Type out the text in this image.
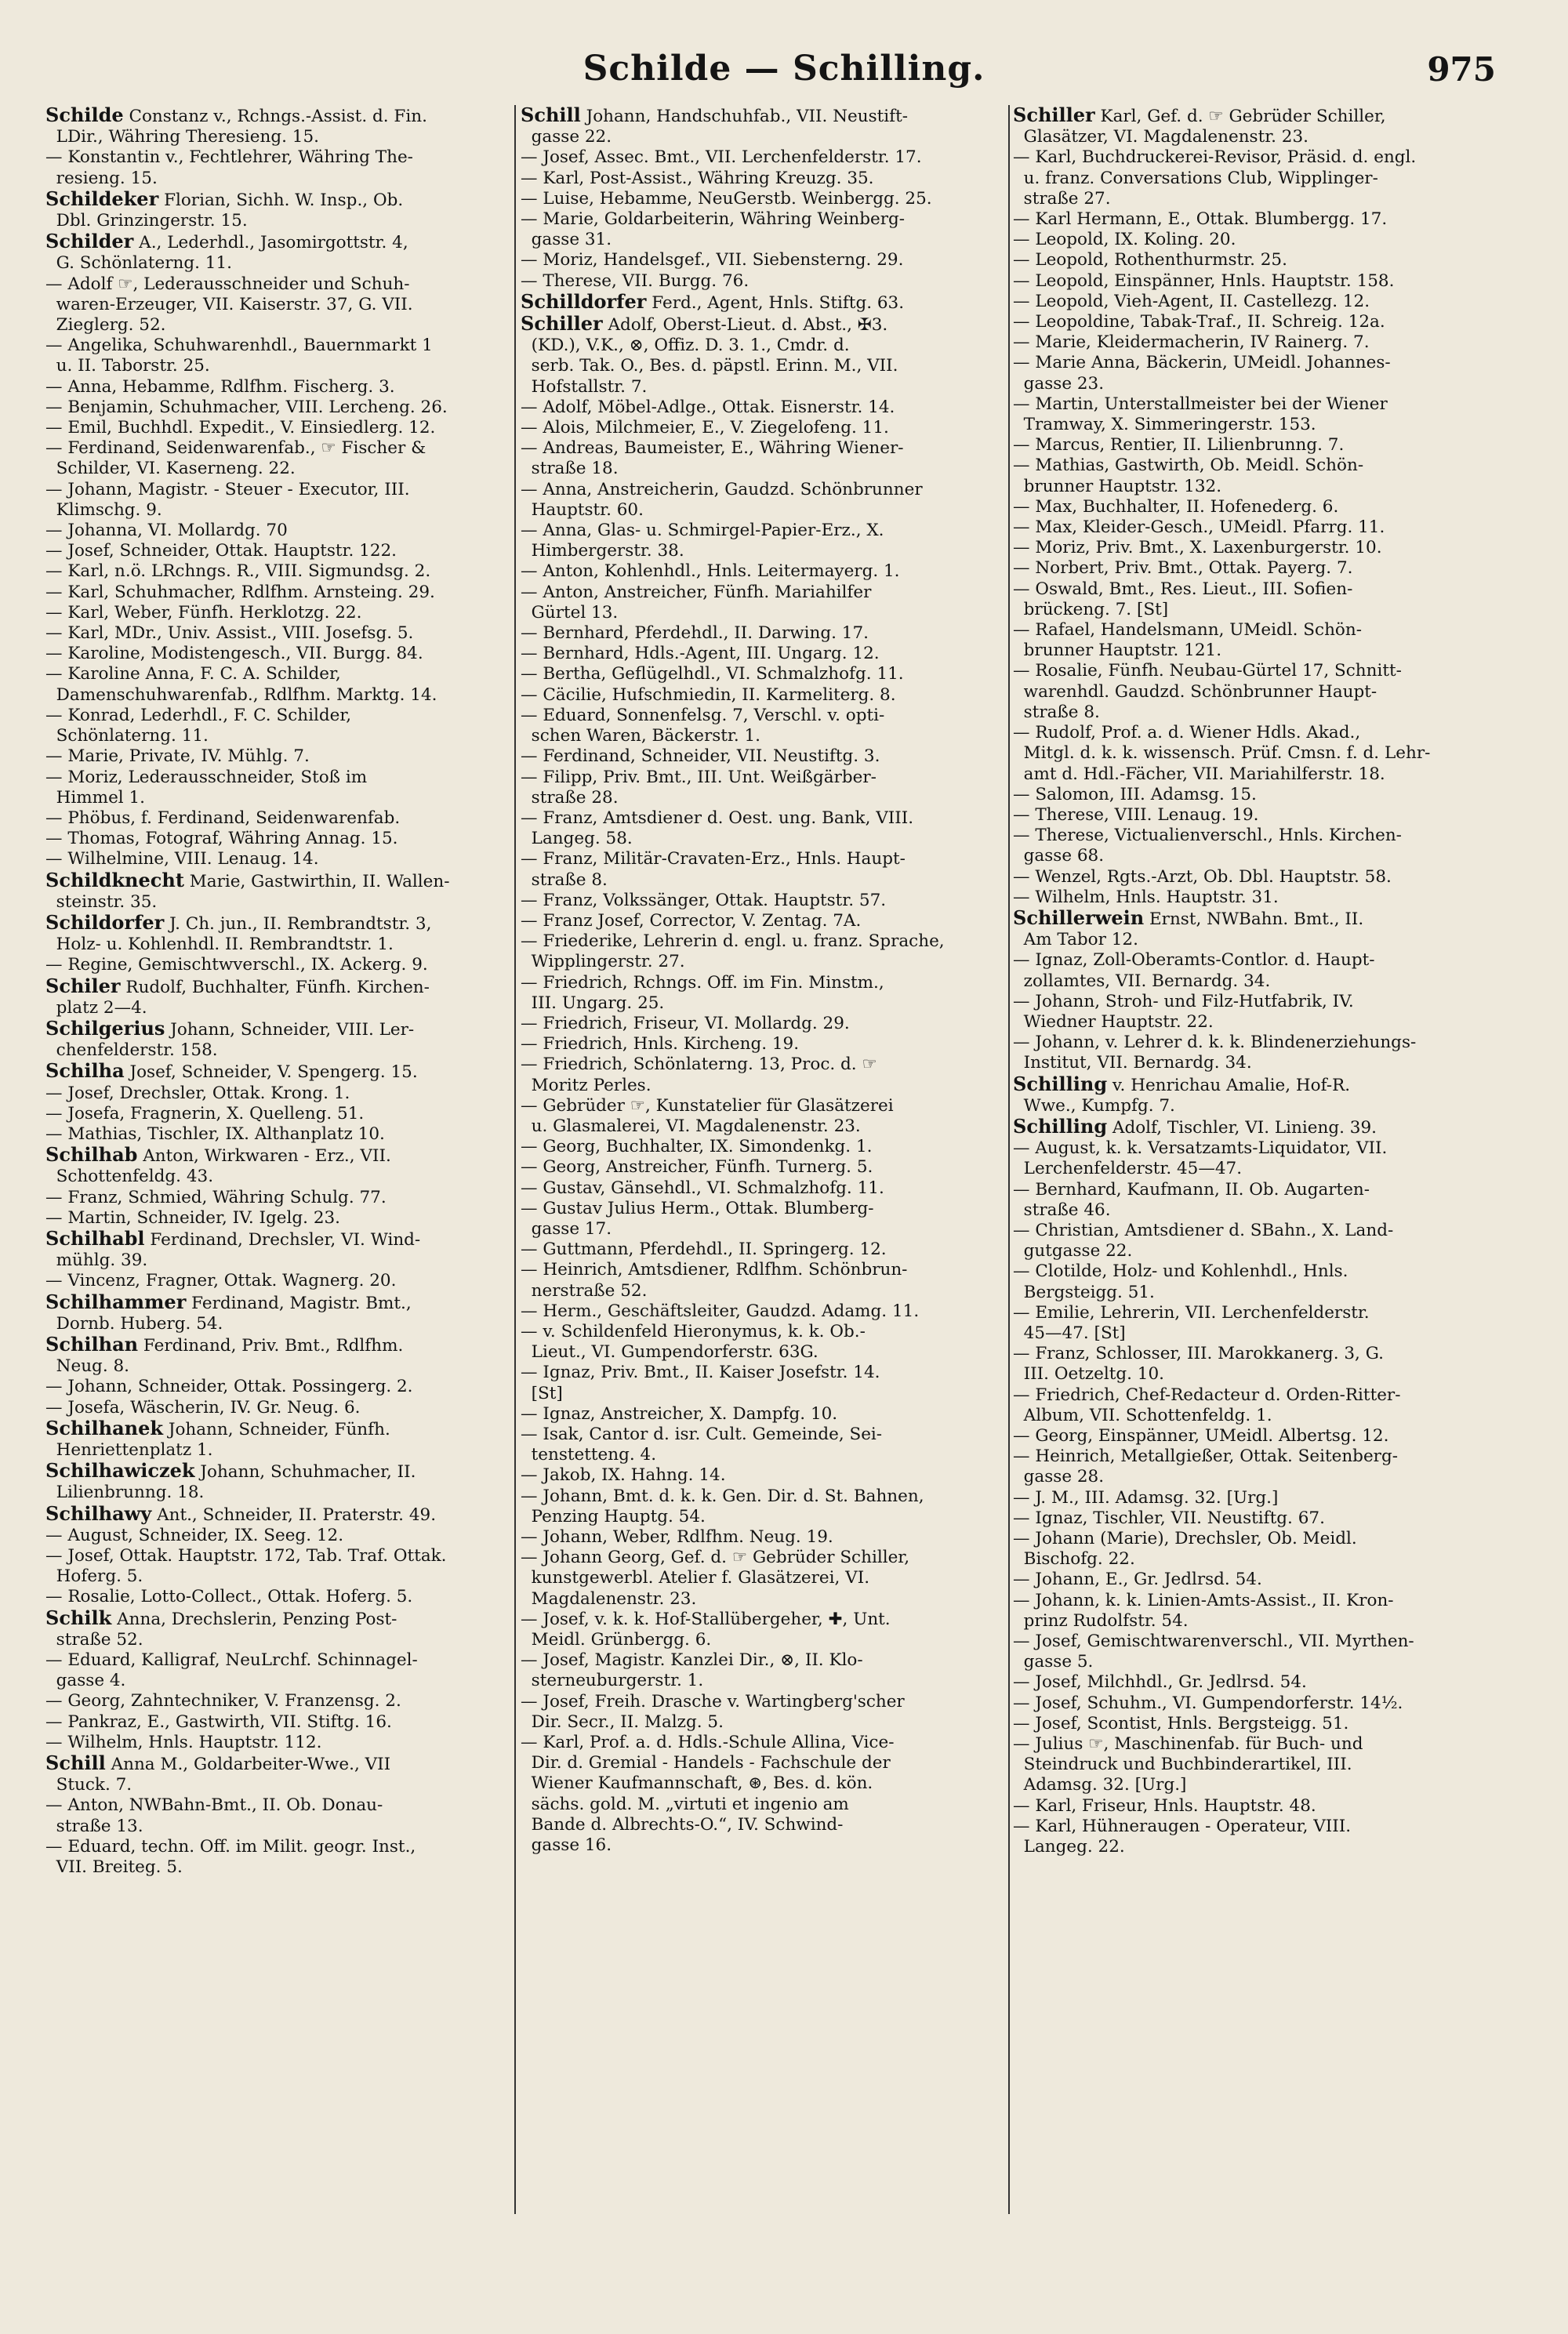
Schilde — Schilling.	975
Schilde Constanz v., Rchngs.-Assist. d. Fin.
LDir., Währing Theresieng. 15.
— Konstantin v., Fechtlehrer, Währing The-
resieng. 15.
Schildeker Florian, Sichh. W. Insp., Ob.
Dbl. Grinzingerstr. 15.
Schilder A., Lederhdl., Jasomirgottstr. 4,
G. Schönlaterng. 11.
— Adolf ☞, Lederausschneider und Schuh-
waren-Erzeuger, VII. Kaiserstr. 37, G. VII.
Zieglerg. 52.
— Angelika, Schuhwarenhdl., Bauernmarkt 1
u. II. Taborstr. 25.
— Anna, Hebamme, Rdlfhm. Fischerg. 3.
— Benjamin, Schuhmacher, VIII. Lercheng. 26.
— Emil, Buchhdl. Expedit., V. Einsiedlerg. 12.
— Ferdinand, Seidenwarenfab., ☞ Fischer &
Schilder, VI. Kaserneng. 22.
— Johann, Magistr. - Steuer - Executor, III.
Klimschg. 9.
— Johanna, VI. Mollardg. 70
— Josef, Schneider, Ottak. Hauptstr. 122.
— Karl, n.ö. LRchngs. R., VIII. Sigmundsg. 2.
— Karl, Schuhmacher, Rdlfhm. Arnsteing. 29.
— Karl, Weber, Fünfh. Herklotzg. 22.
— Karl, MDr., Univ. Assist., VIII. Josefsg. 5.
— Karoline, Modistengesch., VII. Burgg. 84.
— Karoline Anna, F. C. A. Schilder,
Damenschuhwarenfab., Rdlfhm. Marktg. 14.
— Konrad, Lederhdl., F. C. Schilder,
Schönlaterng. 11.
— Marie, Private, IV. Mühlg. 7.
— Moriz, Lederausschneider, Stoß im
Himmel 1.
— Phöbus, f. Ferdinand, Seidenwarenfab.
— Thomas, Fotograf, Währing Annag. 15.
— Wilhelmine, VIII. Lenaug. 14.
Schildknecht Marie, Gastwirthin, II. Wallen-
steinstr. 35.
Schildorfer J. Ch. jun., II. Rembrandtstr. 3,
Holz- u. Kohlenhdl. II. Rembrandtstr. 1.
— Regine, Gemischtwverschl., IX. Ackerg. 9.
Schiler Rudolf, Buchhalter, Fünfh. Kirchen-
platz 2—4.
Schilgerius Johann, Schneider, VIII. Ler-
chenfelderstr. 158.
Schilha Josef, Schneider, V. Spengerg. 15.
— Josef, Drechsler, Ottak. Krong. 1.
— Josefa, Fragnerin, X. Quelleng. 51.
— Mathias, Tischler, IX. Althanplatz 10.
Schilhab Anton, Wirkwaren - Erz., VII.
Schottenfeldg. 43.
— Franz, Schmied, Währing Schulg. 77.
— Martin, Schneider, IV. Igelg. 23.
Schilhabl Ferdinand, Drechsler, VI. Wind-
mühlg. 39.
— Vincenz, Fragner, Ottak. Wagnerg. 20.
Schilhammer Ferdinand, Magistr. Bmt.,
Dornb. Huberg. 54.
Schilhan Ferdinand, Priv. Bmt., Rdlfhm.
Neug. 8.
— Johann, Schneider, Ottak. Possingerg. 2.
— Josefa, Wäscherin, IV. Gr. Neug. 6.
Schilhanek Johann, Schneider, Fünfh.
Henriettenplatz 1.
Schilhawiczek Johann, Schuhmacher, II.
Lilienbrunng. 18.
Schilhawy Ant., Schneider, II. Praterstr. 49.
— August, Schneider, IX. Seeg. 12.
— Josef, Ottak. Hauptstr. 172, Tab. Traf. Ottak.
Hoferg. 5.
— Rosalie, Lotto-Collect., Ottak. Hoferg. 5.
Schilk Anna, Drechslerin, Penzing Post-
straße 52.
— Eduard, Kalligraf, NeuLrchf. Schinnagel-
gasse 4.
— Georg, Zahntechniker, V. Franzensg. 2.
— Pankraz, E., Gastwirth, VII. Stiftg. 16.
— Wilhelm, Hnls. Hauptstr. 112.
Schill Anna M., Goldarbeiter-Wwe., VII
Stuck. 7.
— Anton, NWBahn-Bmt., II. Ob. Donau-
straße 13.
— Eduard, techn. Off. im Milit. geogr. Inst.,
VII. Breiteg. 5.
Schill Johann, Handschuhfab., VII. Neustift-
gasse 22.
— Josef, Assec. Bmt., VII. Lerchenfelderstr. 17.
— Karl, Post-Assist., Währing Kreuzg. 35.
— Luise, Hebamme, NeuGerstb. Weinbergg. 25.
— Marie, Goldarbeiterin, Währing Weinberg-
gasse 31.
— Moriz, Handelsgef., VII. Siebensterng. 29.
— Therese, VII. Burgg. 76.
Schilldorfer Ferd., Agent, Hnls. Stiftg. 63.
Schiller Adolf, Oberst-Lieut. d. Abst., ✠3.
(KD.), V.K., ⊗, Offiz. D. 3. 1., Cmdr. d.
serb. Tak. O., Bes. d. päpstl. Erinn. M., VII.
Hofstallstr. 7.
— Adolf, Möbel-Adlge., Ottak. Eisnerstr. 14.
— Alois, Milchmeier, E., V. Ziegelofeng. 11.
— Andreas, Baumeister, E., Währing Wiener-
straße 18.
— Anna, Anstreicherin, Gaudzd. Schönbrunner
Hauptstr. 60.
— Anna, Glas- u. Schmirgel-Papier-Erz., X.
Himbergerstr. 38.
— Anton, Kohlenhdl., Hnls. Leitermayerg. 1.
— Anton, Anstreicher, Fünfh. Mariahilfer
Gürtel 13.
— Bernhard, Pferdehdl., II. Darwing. 17.
— Bernhard, Hdls.-Agent, III. Ungarg. 12.
— Bertha, Geflügelhdl., VI. Schmalzhofg. 11.
— Cäcilie, Hufschmiedin, II. Karmeliterg. 8.
— Eduard, Sonnenfelsg. 7, Verschl. v. opti-
schen Waren, Bäckerstr. 1.
— Ferdinand, Schneider, VII. Neustiftg. 3.
— Filipp, Priv. Bmt., III. Unt. Weißgärber-
straße 28.
— Franz, Amtsdiener d. Oest. ung. Bank, VIII.
Langeg. 58.
— Franz, Militär-Cravaten-Erz., Hnls. Haupt-
straße 8.
— Franz, Volkssänger, Ottak. Hauptstr. 57.
— Franz Josef, Corrector, V. Zentag. 7A.
— Friederike, Lehrerin d. engl. u. franz. Sprache,
Wipplingerstr. 27.
— Friedrich, Rchngs. Off. im Fin. Minstm.,
III. Ungarg. 25.
— Friedrich, Friseur, VI. Mollardg. 29.
— Friedrich, Hnls. Kircheng. 19.
— Friedrich, Schönlaterng. 13, Proc. d. ☞
Moritz Perles.
— Gebrüder ☞, Kunstatelier für Glasätzerei
u. Glasmalerei, VI. Magdalenenstr. 23.
— Georg, Buchhalter, IX. Simondenkg. 1.
— Georg, Anstreicher, Fünfh. Turnerg. 5.
— Gustav, Gänsehdl., VI. Schmalzhofg. 11.
— Gustav Julius Herm., Ottak. Blumberg-
gasse 17.
— Guttmann, Pferdehdl., II. Springerg. 12.
— Heinrich, Amtsdiener, Rdlfhm. Schönbrun-
nerstraße 52.
— Herm., Geschäftsleiter, Gaudzd. Adamg. 11.
— v. Schildenfeld Hieronymus, k. k. Ob.-
Lieut., VI. Gumpendorferstr. 63G.
— Ignaz, Priv. Bmt., II. Kaiser Josefstr. 14.
[St]
— Ignaz, Anstreicher, X. Dampfg. 10.
— Isak, Cantor d. isr. Cult. Gemeinde, Sei-
tenstetteng. 4.
— Jakob, IX. Hahng. 14.
— Johann, Bmt. d. k. k. Gen. Dir. d. St. Bahnen,
Penzing Hauptg. 54.
— Johann, Weber, Rdlfhm. Neug. 19.
— Johann Georg, Gef. d. ☞ Gebrüder Schiller,
kunstgewerbl. Atelier f. Glasätzerei, VI.
Magdalenenstr. 23.
— Josef, v. k. k. Hof-Stallübergeher, ✚, Unt.
Meidl. Grünbergg. 6.
— Josef, Magistr. Kanzlei Dir., ⊗, II. Klo-
sterneuburgerstr. 1.
— Josef, Freih. Drasche v. Wartingberg'scher
Dir. Secr., II. Malzg. 5.
— Karl, Prof. a. d. Hdls.-Schule Allina, Vice-
Dir. d. Gremial - Handels - Fachschule der
Wiener Kaufmannschaft, ⊛, Bes. d. kön.
sächs. gold. M. „virtuti et ingenio am
Bande d. Albrechts-O.“, IV. Schwind-
gasse 16.
Schiller Karl, Gef. d. ☞ Gebrüder Schiller,
Glasätzer, VI. Magdalenenstr. 23.
— Karl, Buchdruckerei-Revisor, Präsid. d. engl.
u. franz. Conversations Club, Wipplinger-
straße 27.
— Karl Hermann, E., Ottak. Blumbergg. 17.
— Leopold, IX. Koling. 20.
— Leopold, Rothenthurmstr. 25.
— Leopold, Einspänner, Hnls. Hauptstr. 158.
— Leopold, Vieh-Agent, II. Castellezg. 12.
— Leopoldine, Tabak-Traf., II. Schreig. 12a.
— Marie, Kleidermacherin, IV Rainerg. 7.
— Marie Anna, Bäckerin, UMeidl. Johannes-
gasse 23.
— Martin, Unterstallmeister bei der Wiener
Tramway, X. Simmeringerstr. 153.
— Marcus, Rentier, II. Lilienbrunng. 7.
— Mathias, Gastwirth, Ob. Meidl. Schön-
brunner Hauptstr. 132.
— Max, Buchhalter, II. Hofenederg. 6.
— Max, Kleider-Gesch., UMeidl. Pfarrg. 11.
— Moriz, Priv. Bmt., X. Laxenburgerstr. 10.
— Norbert, Priv. Bmt., Ottak. Payerg. 7.
— Oswald, Bmt., Res. Lieut., III. Sofien-
brückeng. 7. [St]
— Rafael, Handelsmann, UMeidl. Schön-
brunner Hauptstr. 121.
— Rosalie, Fünfh. Neubau-Gürtel 17, Schnitt-
warenhdl. Gaudzd. Schönbrunner Haupt-
straße 8.
— Rudolf, Prof. a. d. Wiener Hdls. Akad.,
Mitgl. d. k. k. wissensch. Prüf. Cmsn. f. d. Lehr-
amt d. Hdl.-Fächer, VII. Mariahilferstr. 18.
— Salomon, III. Adamsg. 15.
— Therese, VIII. Lenaug. 19.
— Therese, Victualienverschl., Hnls. Kirchen-
gasse 68.
— Wenzel, Rgts.-Arzt, Ob. Dbl. Hauptstr. 58.
— Wilhelm, Hnls. Hauptstr. 31.
Schillerwein Ernst, NWBahn. Bmt., II.
Am Tabor 12.
— Ignaz, Zoll-Oberamts-Contlor. d. Haupt-
zollamtes, VII. Bernardg. 34.
— Johann, Stroh- und Filz-Hutfabrik, IV.
Wiedner Hauptstr. 22.
— Johann, v. Lehrer d. k. k. Blindenerziehungs-
Institut, VII. Bernardg. 34.
Schilling v. Henrichau Amalie, Hof-R.
Wwe., Kumpfg. 7.
Schilling Adolf, Tischler, VI. Linieng. 39.
— August, k. k. Versatzamts-Liquidator, VII.
Lerchenfelderstr. 45—47.
— Bernhard, Kaufmann, II. Ob. Augarten-
straße 46.
— Christian, Amtsdiener d. SBahn., X. Land-
gutgasse 22.
— Clotilde, Holz- und Kohlenhdl., Hnls.
Bergsteigg. 51.
— Emilie, Lehrerin, VII. Lerchenfelderstr.
45—47. [St]
— Franz, Schlosser, III. Marokkanerg. 3, G.
III. Oetzeltg. 10.
— Friedrich, Chef-Redacteur d. Orden-Ritter-
Album, VII. Schottenfeldg. 1.
— Georg, Einspänner, UMeidl. Albertsg. 12.
— Heinrich, Metallgießer, Ottak. Seitenberg-
gasse 28.
— J. M., III. Adamsg. 32. [Urg.]
— Ignaz, Tischler, VII. Neustiftg. 67.
— Johann (Marie), Drechsler, Ob. Meidl.
Bischofg. 22.
— Johann, E., Gr. Jedlrsd. 54.
— Johann, k. k. Linien-Amts-Assist., II. Kron-
prinz Rudolfstr. 54.
— Josef, Gemischtwarenverschl., VII. Myrthen-
gasse 5.
— Josef, Milchhdl., Gr. Jedlrsd. 54.
— Josef, Schuhm., VI. Gumpendorferstr. 14½.
— Josef, Scontist, Hnls. Bergsteigg. 51.
— Julius ☞, Maschinenfab. für Buch- und
Steindruck und Buchbinderartikel, III.
Adamsg. 32. [Urg.]
— Karl, Friseur, Hnls. Hauptstr. 48.
— Karl, Hühneraugen - Operateur, VIII.
Langeg. 22.
